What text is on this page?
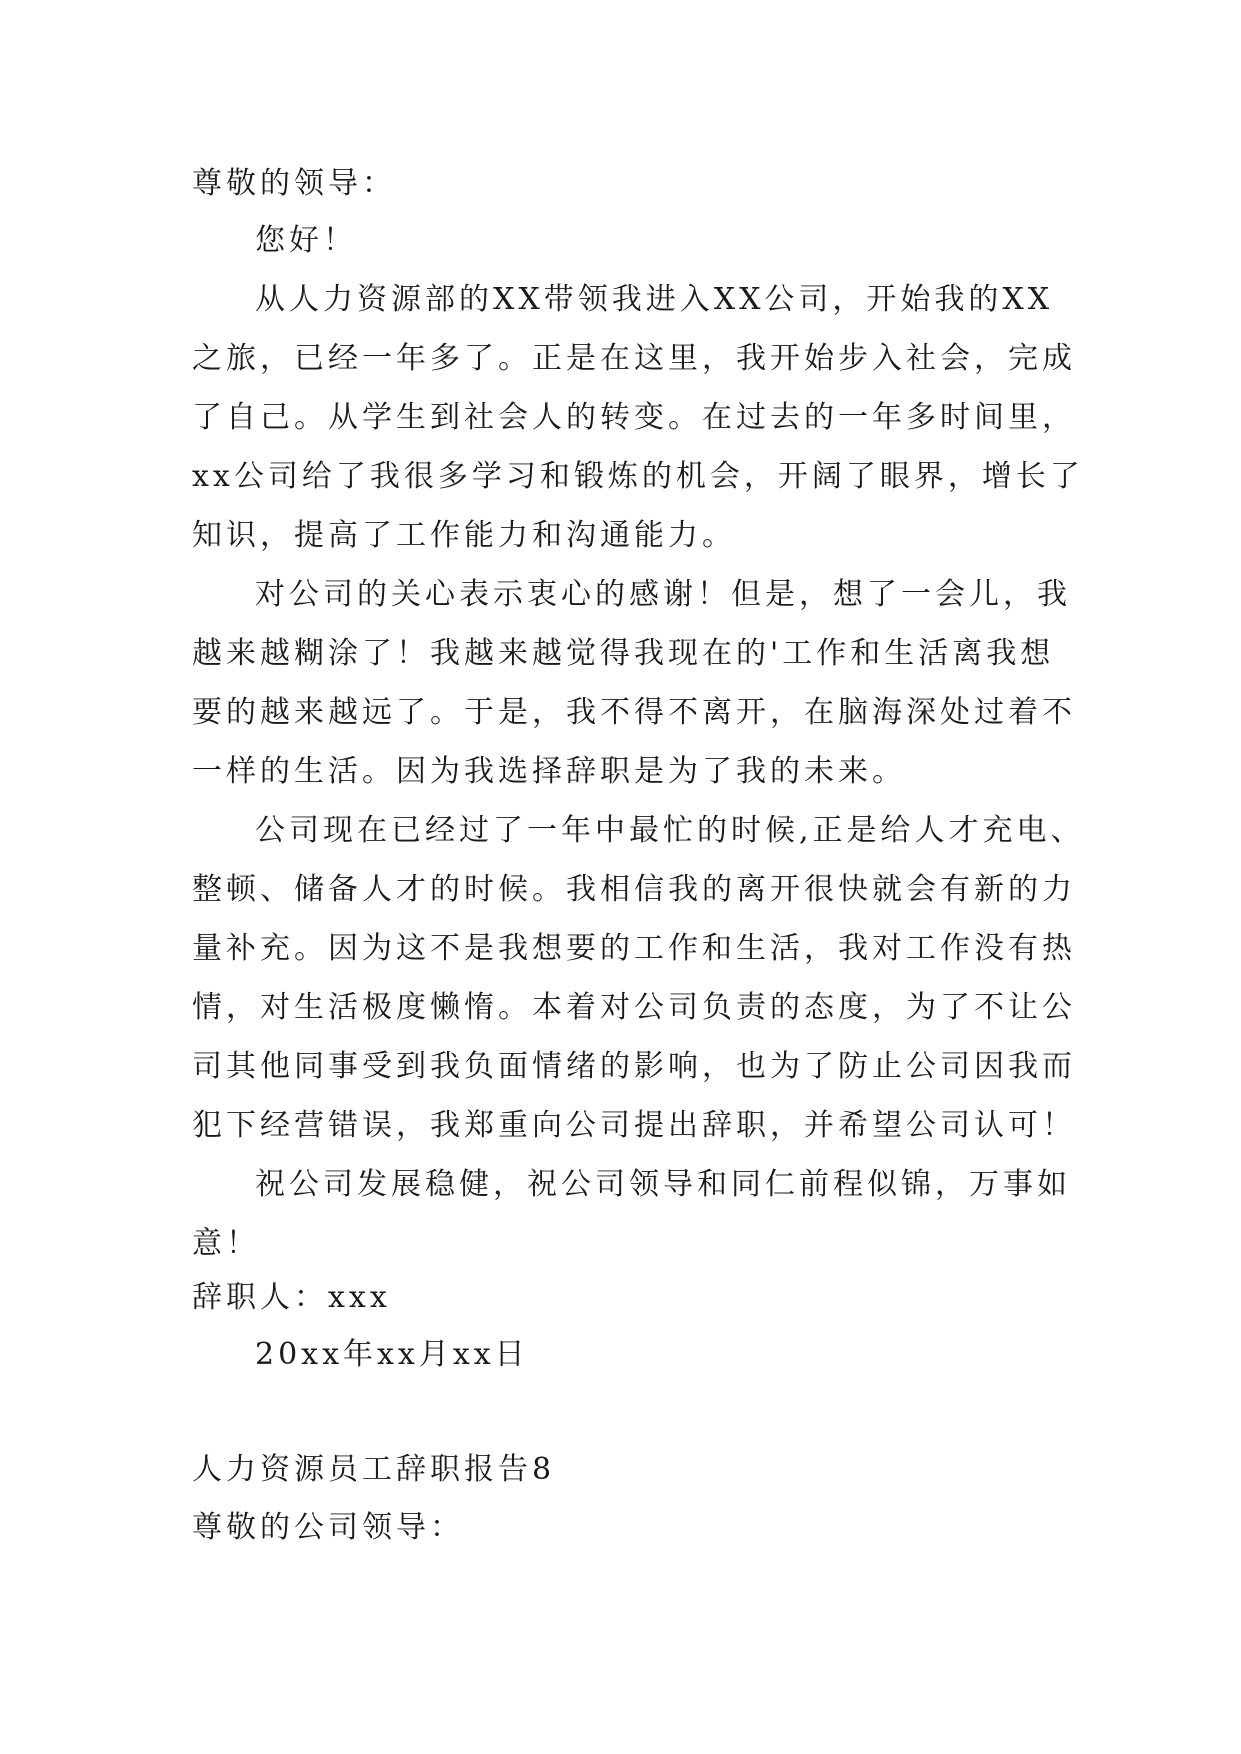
尊敬的领导：
您好！
从人力资源部的XX带领我进入XX公司，开始我的XX
之旅，已经一年多了。正是在这里，我开始步入社会，完成
了自己。从学生到社会人的转变。在过去的一年多时间里，
xx公司给了我很多学习和锻炼的机会，开阔了眼界，增长了
知识，提高了工作能力和沟通能力。
对公司的关心表示衷心的感谢！但是，想了一会儿，我
越来越糊涂了！我越来越觉得我现在的'工作和生活离我想
要的越来越远了。于是，我不得不离开，在脑海深处过着不
一样的生活。因为我选择辞职是为了我的未来。
公司现在已经过了一年中最忙的时候,正是给人才充电、
整顿、储备人才的时候。我相信我的离开很快就会有新的力
量补充。因为这不是我想要的工作和生活，我对工作没有热
情，对生活极度懒惰。本着对公司负责的态度，为了不让公
司其他同事受到我负面情绪的影响，也为了防止公司因我而
犯下经营错误，我郑重向公司提出辞职，并希望公司认可！
祝公司发展稳健，祝公司领导和同仁前程似锦，万事如
意！
辞职人：xxx
20xx年xx月xx日
人力资源员工辞职报告8
尊敬的公司领导：
